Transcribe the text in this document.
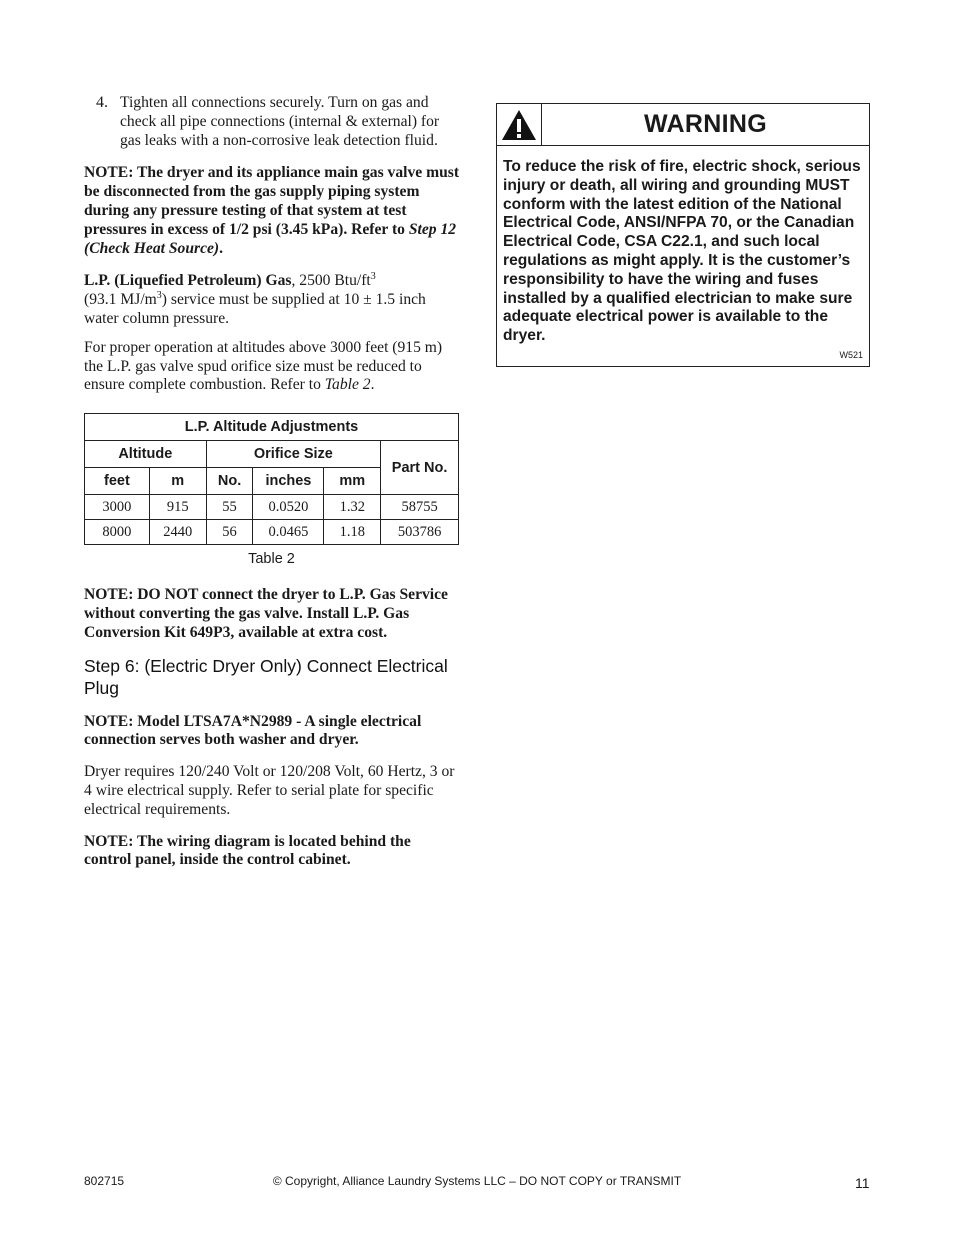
4. Tighten all connections securely. Turn on gas and check all pipe connections (internal & external) for gas leaks with a non-corrosive leak detection fluid.

NOTE: The dryer and its appliance main gas valve must be disconnected from the gas supply piping system during any pressure testing of that system at test pressures in excess of 1/2 psi (3.45 kPa). Refer to Step 12 (Check Heat Source).

L.P. (Liquefied Petroleum) Gas, 2500 Btu/$ft^3$
(93.1 $MJ/m^3$) service must be supplied at 10 ± 1.5 inch water column pressure.

For proper operation at altitudes above 3000 feet (915 m) the L.P. gas valve spud orifice size must be reduced to ensure complete combustion. Refer to Table 2.

L.P. Altitude Adjustments					
Altitude		Orifice Size			Part No.
feet	m	No.	inches	mm	
3000	915	55	0.0520	1.32	58755
8000	2440	56	0.0465	1.18	503786
Table 2

NOTE: DO NOT connect the dryer to L.P. Gas Service without converting the gas valve. Install L.P. Gas Conversion Kit 649P3, available at extra cost.

Step 6: (Electric Dryer Only) Connect Electrical Plug

NOTE: Model LTSA7A*N2989 - A single electrical connection serves both washer and dryer.

Dryer requires 120/240 Volt or 120/208 Volt, 60 Hertz, 3 or 4 wire electrical supply. Refer to serial plate for specific electrical requirements.

NOTE: The wiring diagram is located behind the control panel, inside the control cabinet.

WARNING
To reduce the risk of fire, electric shock, serious injury or death, all wiring and grounding MUST conform with the latest edition of the National Electrical Code, ANSI/NFPA 70, or the Canadian Electrical Code, CSA C22.1, and such local regulations as might apply. It is the customer’s responsibility to have the wiring and fuses installed by a qualified electrician to make sure adequate electrical power is available to the dryer.
W521
802715	© Copyright, Alliance Laundry Systems LLC – DO NOT COPY or TRANSMIT	11
